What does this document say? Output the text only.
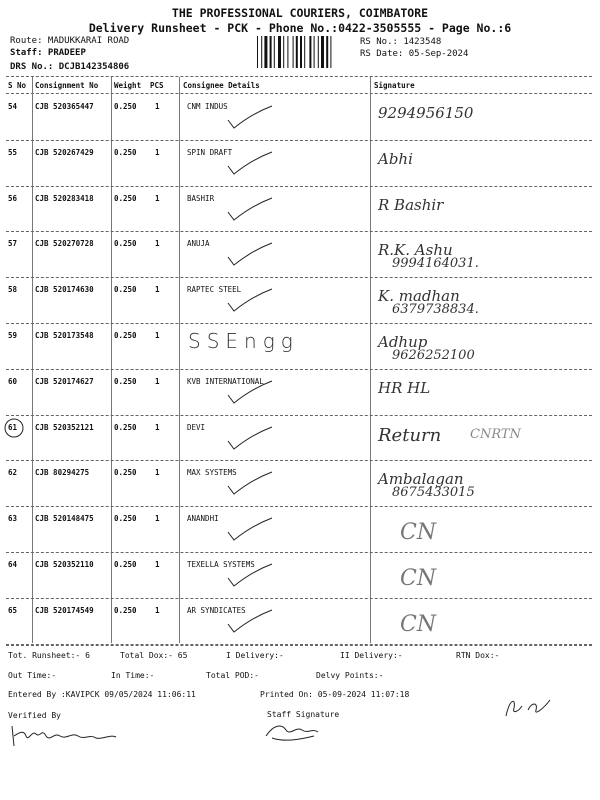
THE PROFESSIONAL COURIERS, COIMBATORE
Delivery Runsheet - PCK - Phone No.:0422-3505555 - Page No.:6
Route: MADUKKARAI ROAD
Staff: PRADEEP
DRS No.: DCJB142354806
RS No.: 1423548
RS Date: 05-Sep-2024
S No Consignment No Weight PCS	Consignee Details	Signature
54 CJB 520365447	0.250 1	CNM INDUS	9294956150
55 CJB 520267429	0.250 1	SPIN DRAFT	Abhi
56 CJB 520283418	0.250 1	BASHIR	R Bashir
57 CJB 520270728	0.250 1	ANUJA	R.K. Ashu
9994164031.
58 CJB 520174630	0.250 1	RAPTEC STEEL	K. madhan
6379738834.
59 CJB 520173548	0.250 1 SSEngg	Adhup
9626252100
60 CJB 520174627	0.250 1	KVB INTERNATIONAL	HR HL
61 CJB 520352121	0.250 1	DEVI	Return CNRTN
62 CJB 80294275	0.250 1	MAX SYSTEMS	Ambalagan
8675433015
63 CJB 520148475	0.250 1	ANANDHI
CN
64 CJB 520352110	0.250 1	TEXELLA SYSTEMS
CN
65 CJB 520174549	0.250 1	AR SYNDICATES
CN
Tot. Runsheet:- 6	Total Dox:- 65	I Delivery:-	II Delivery:-	RTN Dox:-
Out Time:-	In Time:-	Total POD:-	Delvy Points:-
Entered By :KAVIPCK 09/05/2024 11:06:11	Printed On: 05-09-2024 11:07:18
Verified By	Staff Signature
